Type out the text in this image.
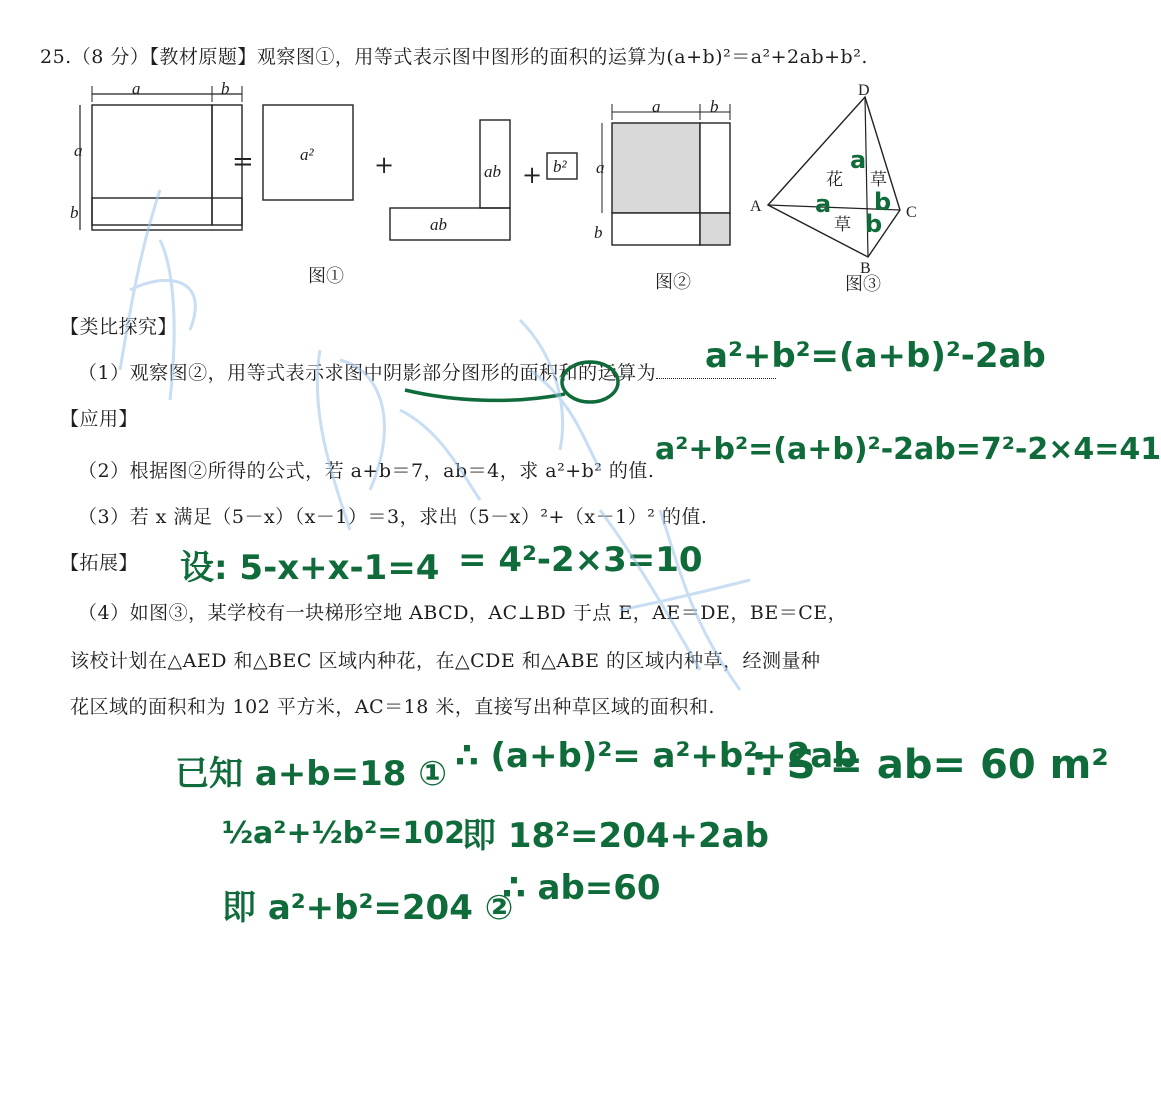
25.（8 分）【教材原题】观察图①，用等式表示图中图形的面积的运算为(a+b)²＝a²+2ab+b².
a	b
a
b
=	a²	+	ab
ab
+ b²
图①
a	b
a
b
图②
D
A	C
B
花 草
草
图③
a
a b
b
【类比探究】
（1）观察图②，用等式表示求图中阴影部分图形的面积和的运算为	a²+b²=(a+b)²-2ab
【应用】
（2）根据图②所得的公式，若 a+b＝7，ab＝4，求 a²+b² 的值.
a²+b²=(a+b)²-2ab=7²-2×4=41
（3）若 x 满足（5－x）（x－1）＝3，求出（5－x）²+（x－1）² 的值.
【拓展】 设: 5-x+x-1=4 = 4²-2×3=10
（4）如图③，某学校有一块梯形空地 ABCD，AC⊥BD 于点 E，AE＝DE，BE＝CE，
该校计划在△AED 和△BEC 区域内种花，在△CDE 和△ABE 的区域内种草，经测量种
花区域的面积和为 102 平方米，AC＝18 米，直接写出种草区域的面积和.
已知 a+b=18 ①
½a²+½b²=102
即 a²+b²=204 ②
∴ (a+b)²= a²+b²+2ab
即 18²=204+2ab
∴ ab=60
∴ S = ab= 60 m²
